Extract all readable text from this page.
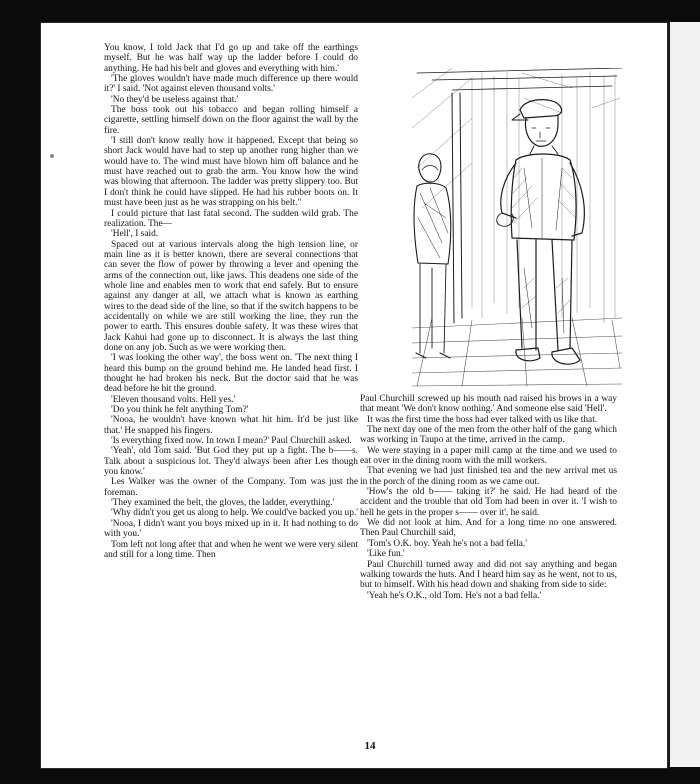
You know, I told Jack that I'd go up and take off the earthings myself. But he was half way up the ladder before I could do anything. He had his belt and gloves and everything with him.'

'The gloves wouldn't have made much difference up there would it?' I said. 'Not against eleven thousand volts.'

'No they'd be useless against that.'

The boss took out his tobacco and began rolling himself a cigarette, settling himself down on the floor against the wall by the fire.

'I still don't know really how it happened. Except that being so short Jack would have had to step up another rung higher than we would have to. The wind must have blown him off balance and he must have reached out to grab the arm. You know how the wind was blowing that afternoon. The ladder was pretty slippery too. But I don't think he could have slipped. He had his rubber boots on. It must have been just as he was strapping on his belt."

I could picture that last fatal second. The sudden wild grab. The realization. The—

'Hell', I said.

Spaced out at various intervals along the high tension line, or main line as it is better known, there are several connections that can sever the flow of power by throwing a lever and opening the arms of the connection out, like jaws. This deadens one side of the whole line and enables men to work that end safely. But to ensure against any danger at all, we attach what is known as earthing wires to the dead side of the line, so that if the switch happens to be accidentally on while we are still working the line, they run the power to earth. This ensures double safety. It was these wires that Jack Kahui had gone up to disconnect. It is always the last thing done on any job. Such as we were working then.

'I was looking the other way', the boss went on. 'The next thing I heard this bump on the ground behind me. He landed head first. I thought he had broken his neck. But the doctor said that he was dead before he hit the ground.

'Eleven thousand volts. Hell yes.'

'Do you think he felt anything Tom?'

'Nooa, he wouldn't have known what hit him. It'd be just like that.' He snapped his fingers.

'Is everything fixed now. In town I mean?' Paul Churchill asked.

'Yeah', old Tom said. 'But God they put up a fight. The b——s. Talk about a suspicious lot. They'd always been after Les though you know.'

Les Walker was the owner of the Company. Tom was just the foreman.

'They examined the belt, the gloves, the ladder, everything.'

'Why didn't you get us along to help. We could've backed you up.'

'Nooa, I didn't want you boys mixed up in it. It had nothing to do with you.'

Tom left not long after that and when he went we were very silent and still for a long time. Then

Paul Churchill screwed up his mouth nad raised his brows in a way that meant 'We don't know nothing.' And someone else said 'Hell'.

It was the first time the boss had ever talked with us like that.

The next day one of the men from the other half of the gang which was working in Taupo at the time, arrived in the camp.

We were staying in a paper mill camp at the time and we used to eat over in the dining room with the mill workers.

That evening we had just finished tea and the new arrival met us in the porch of the dining room as we came out.

'How's the old b—— taking it?' he said. He had heard of the accident and the trouble that old Tom had been in over it. 'I wish to hell he gets in the proper s—— over it', he said.

We did not look at him. And for a long time no one answered. Then Paul Churchill said,

'Tom's O.K. boy. Yeah he's not a bad fella.'

'Like fun.'

Paul Churchill turned away and did not say anything and began walking towards the huts. And I heard him say as he went, not to us, but to himself. With his head down and shaking from side to side:

'Yeah he's O.K., old Tom. He's not a bad fella.'

14
